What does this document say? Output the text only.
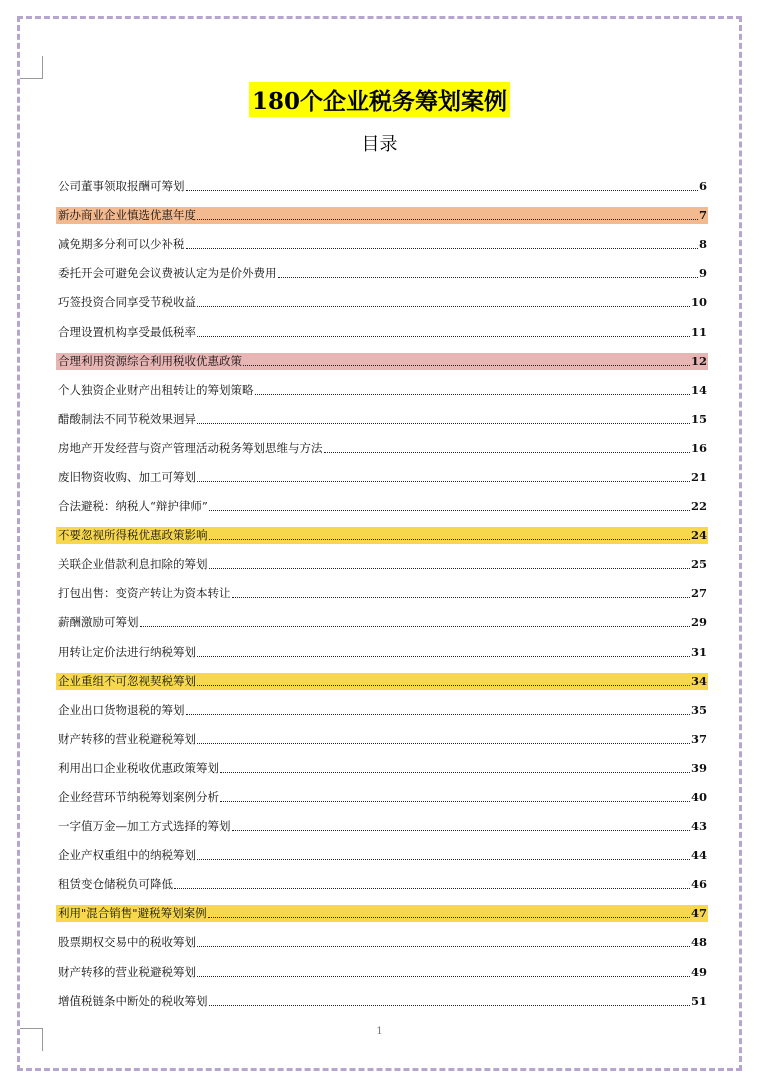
180个企业税务筹划案例
目录
公司董事领取报酬可筹划	6
新办商业企业慎选优惠年度	7
减免期多分利可以少补税	8
委托开会可避免会议费被认定为是价外费用	9
巧签投资合同享受节税收益	10
合理设置机构享受最低税率	11
合理利用资源综合利用税收优惠政策	12
个人独资企业财产出租转让的筹划策略	14
醋酸制法不同节税效果迥异	15
房地产开发经营与资产管理活动税务筹划思维与方法	16
废旧物资收购、加工可筹划	21
合法避税：纳税人“辩护律师”	22
不要忽视所得税优惠政策影响	24
关联企业借款利息扣除的筹划	25
打包出售：变资产转让为资本转让	27
薪酬激励可筹划	29
用转让定价法进行纳税筹划	31
企业重组不可忽视契税筹划	34
企业出口货物退税的筹划	35
财产转移的营业税避税筹划	37
利用出口企业税收优惠政策筹划	39
企业经营环节纳税筹划案例分析	40
一字值万金—加工方式选择的筹划	43
企业产权重组中的纳税筹划	44
租赁变仓储税负可降低	46
利用"混合销售"避税筹划案例	47
股票期权交易中的税收筹划	48
财产转移的营业税避税筹划	49
增值税链条中断处的税收筹划	51
1
